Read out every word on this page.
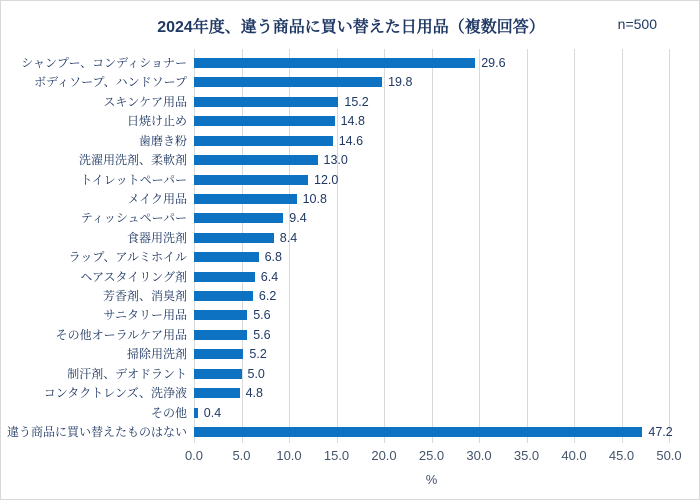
2024年度、違う商品に買い替えた日用品（複数回答）	n=500
シャンプー、コンディショナー
ボディソープ、ハンドソープ
スキンケア用品
日焼け止め
歯磨き粉
洗濯用洗剤、柔軟剤
トイレットペーパー
メイク用品
ティッシュペーパー
食器用洗剤
ラップ、アルミホイル
ヘアスタイリング剤
芳香剤、消臭剤
サニタリー用品
その他オーラルケア用品
掃除用洗剤
制汗剤、デオドラント
コンタクトレンズ、洗浄液
その他
違う商品に買い替えたものはない
29.6
19.8
15.2
14.8
14.6
13.0
12.0
10.8
9.4
8.4
6.8
6.4
6.2
5.6
5.6
5.2
5.0
4.8
0.4
47.2
0.0	5.0	10.0	15.0	20.0	25.0	30.0	35.0	40.0	45.0	50.0
%
